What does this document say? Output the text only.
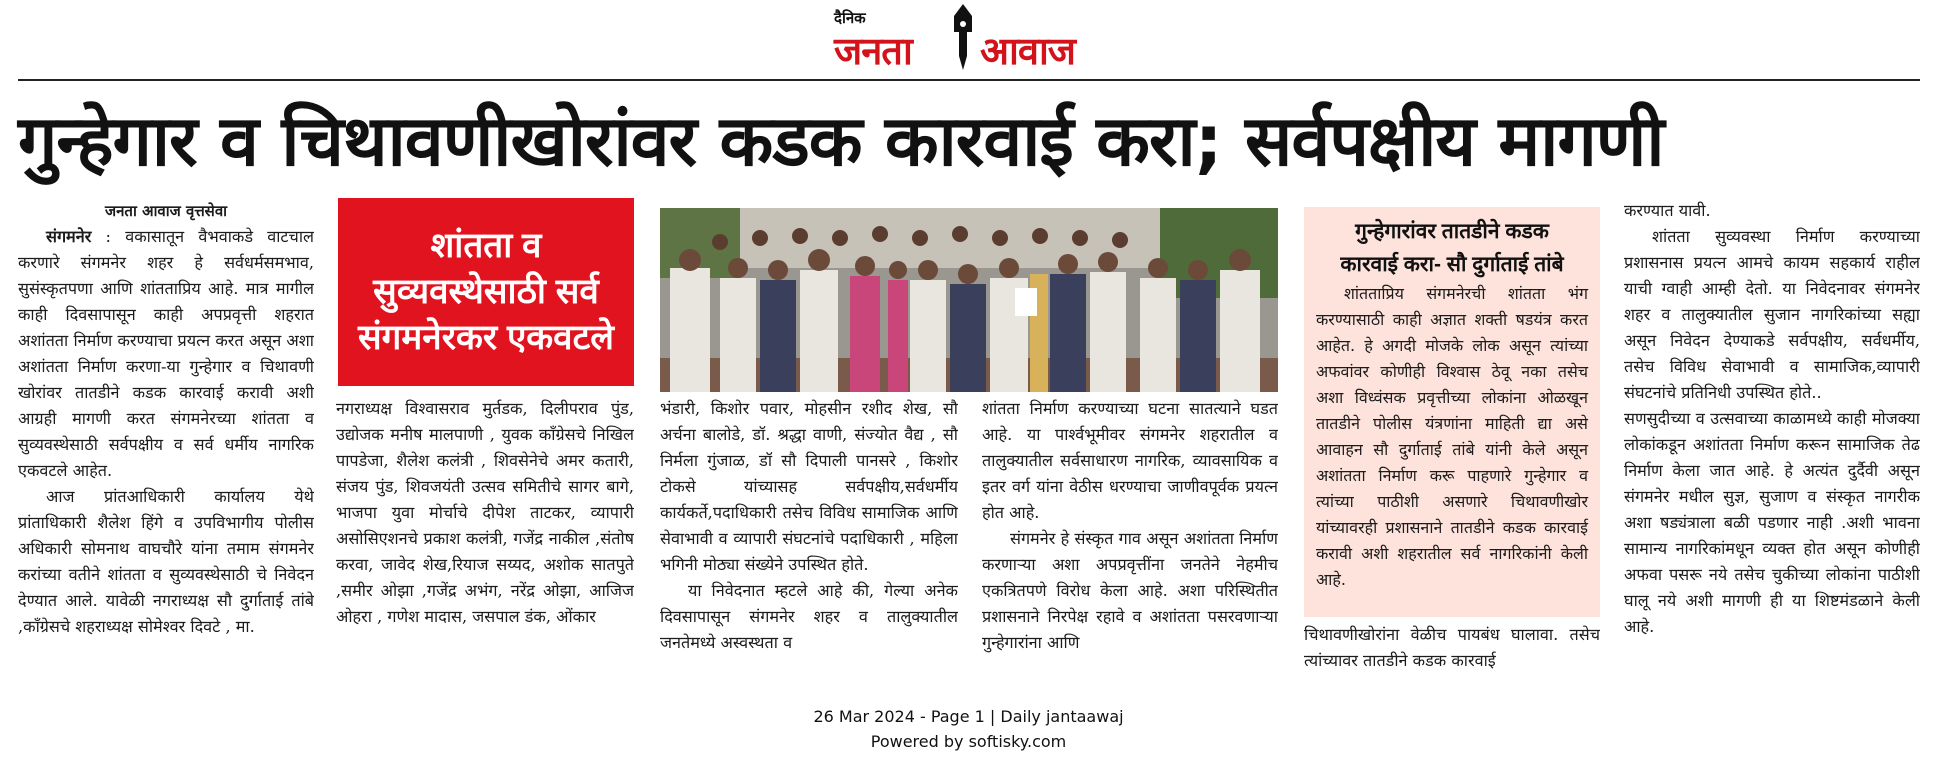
दैनिक
जनता आवाज
गुन्हेगार व चिथावणीखोरांवर कडक कारवाई करा; सर्वपक्षीय मागणी
जनता आवाज वृत्तसेवा

संगमनेर : वकासातून वैभवाकडे वाटचाल करणारे संगमनेर शहर हे सर्वधर्मसमभाव, सुसंस्कृतपणा आणि शांतताप्रिय आहे. मात्र मागील काही दिवसापासून काही अपप्रवृत्ती शहरात अशांतता निर्माण करण्याचा प्रयत्न करत असून अशा अशांतता निर्माण करणा-या गुन्हेगार व चिथावणी खोरांवर तातडीने कडक कारवाई करावी अशी आग्रही मागणी करत संगमनेरच्या शांतता व सुव्यवस्थेसाठी सर्वपक्षीय व सर्व धर्मीय नागरिक एकवटले आहेत.

आज प्रांतआधिकारी कार्यालय येथे प्रांताधिकारी शैलेश हिंगे व उपविभागीय पोलीस अधिकारी सोमनाथ वाघचौरे यांना तमाम संगमनेर करांच्या वतीने शांतता व सुव्यवस्थेसाठी चे निवेदन देण्यात आले. यावेळी नगराध्यक्ष सौ दुर्गाताई तांबे ,कॉंग्रेसचे शहराध्यक्ष सोमेश्वर दिवटे , मा.

शांतता व
सुव्यवस्थेसाठी सर्व
संगमनेरकर एकवटले

नगराध्यक्ष विश्वासराव मुर्तडक, दिलीपराव पुंड, उद्योजक मनीष मालपाणी , युवक कॉंग्रेसचे निखिल पापडेजा, शैलेश कलंत्री , शिवसेनेचे अमर कतारी, संजय पुंड, शिवजयंती उत्सव समितीचे सागर बागे, भाजपा युवा मोर्चाचे दीपेश ताटकर, व्यापारी असोसिएशनचे प्रकाश कलंत्री, गजेंद्र नाकील ,संतोष करवा, जावेद शेख,रियाज सय्यद, अशोक सातपुते ,समीर ओझा ,गजेंद्र अभंग, नरेंद्र ओझा, आजिज ओहरा , गणेश मादास, जसपाल डंक, ओंकार

भंडारी, किशोर पवार, मोहसीन रशीद शेख, सौ अर्चना बालोडे, डॉ. श्रद्धा वाणी, संज्योत वैद्य , सौ निर्मला गुंजाळ, डॉ सौ दिपाली पानसरे , किशोर टोकसे यांच्यासह सर्वपक्षीय,सर्वधर्मीय कार्यकर्ते,पदाधिकारी तसेच विविध सामाजिक आणि सेवाभावी व व्यापारी संघटनांचे पदाधिकारी , महिला भगिनी मोठ्या संख्येने उपस्थित होते.

या निवेदनात म्हटले आहे की, गेल्या अनेक दिवसापासून संगमनेर शहर व तालुक्यातील जनतेमध्ये अस्वस्थता व

शांतता निर्माण करण्याच्या घटना सातत्याने घडत आहे. या पार्श्वभूमीवर संगमनेर शहरातील व तालुक्यातील सर्वसाधारण नागरिक, व्यावसायिक व इतर वर्ग यांना वेठीस धरण्याचा जाणीवपूर्वक प्रयत्न होत आहे.

संगमनेर हे संस्कृत गाव असून अशांतता निर्माण करणाऱ्या अशा अपप्रवृत्तींना जनतेने नेहमीच एकत्रितपणे विरोध केला आहे. अशा परिस्थितीत प्रशासनाने निरपेक्ष रहावे व अशांतता पसरवणाऱ्या गुन्हेगारांना आणि

गुन्हेगारांवर तातडीने कडक
कारवाई करा- सौ दुर्गाताई तांबे

शांतताप्रिय संगमनेरची शांतता भंग करण्यासाठी काही अज्ञात शक्ती षडयंत्र करत आहेत. हे अगदी मोजके लोक असून त्यांच्या अफवांवर कोणीही विश्वास ठेवू नका तसेच अशा विध्वंसक प्रवृत्तीच्या लोकांना ओळखून तातडीने पोलीस यंत्रणांना माहिती द्या असे आवाहन सौ दुर्गाताई तांबे यांनी केले असून अशांतता निर्माण करू पाहणारे गुन्हेगार व त्यांच्या पाठीशी असणारे चिथावणीखोर यांच्यावरही प्रशासनाने तातडीने कडक कारवाई करावी अशी शहरातील सर्व नागरिकांनी केली आहे.

चिथावणीखोरांना वेळीच पायबंध घालावा. तसेच त्यांच्यावर तातडीने कडक कारवाई

करण्यात यावी.

शांतता सुव्यवस्था निर्माण करण्याच्या प्रशासनास प्रयत्न आमचे कायम सहकार्य राहील याची ग्वाही आम्ही देतो. या निवेदनावर संगमनेर शहर व तालुक्यातील सुजान नागरिकांच्या सह्या असून निवेदन देण्याकडे सर्वपक्षीय, सर्वधर्मीय, तसेच विविध सेवाभावी व सामाजिक,व्यापारी संघटनांचे प्रतिनिधी उपस्थित होते..

सणसुदीच्या व उत्सवाच्या काळामध्ये काही मोजक्या लोकांकडून अशांतता निर्माण करून सामाजिक तेढ निर्माण केला जात आहे. हे अत्यंत दुर्दैवी असून संगमनेर मधील सुज्ञ, सुजाण व संस्कृत नागरीक अशा षड्यंत्राला बळी पडणार नाही .अशी भावना सामान्य नागरिकांमधून व्यक्त होत असून कोणीही अफवा पसरू नये तसेच चुकीच्या लोकांना पाठीशी घालू नये अशी मागणी ही या शिष्टमंडळाने केली आहे.

26 Mar 2024 - Page 1 | Daily jantaawaj
Powered by softisky.com
